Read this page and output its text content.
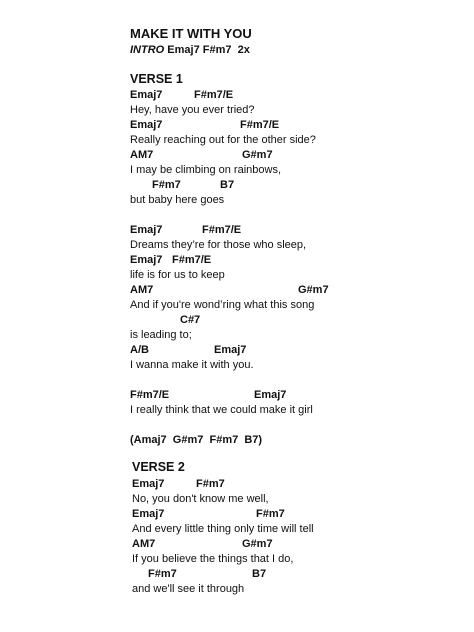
MAKE IT WITH YOU
INTRO Emaj7 F#m7  2x
VERSE 1

Emaj7

	F#m7/E

Hey, have you ever tried?

Emaj7

	F#m7/E

Really reaching out for the other side?

AM7

	G#m7

I may be climbing on rainbows,

F#m7

	B7

but baby here goes

Emaj7

	F#m7/E

Dreams they’re for those who sleep,

Emaj7

F#m7/E

life is for us to keep

AM7

	G#m7

And if you're wond’ring what this song

C#7

is leading to;

A/B

	Emaj7

I wanna make it with you.

F#m7/E

	Emaj7

I really think that we could make it girl
(Amaj7  G#m7  F#m7  B7)
VERSE 2

Emaj7

	F#m7

No, you don't know me well,

Emaj7

	F#m7

And every little thing only time will tell

AM7

	G#m7

If you believe the things that I do,

F#m7

	B7

and we'll see it through
